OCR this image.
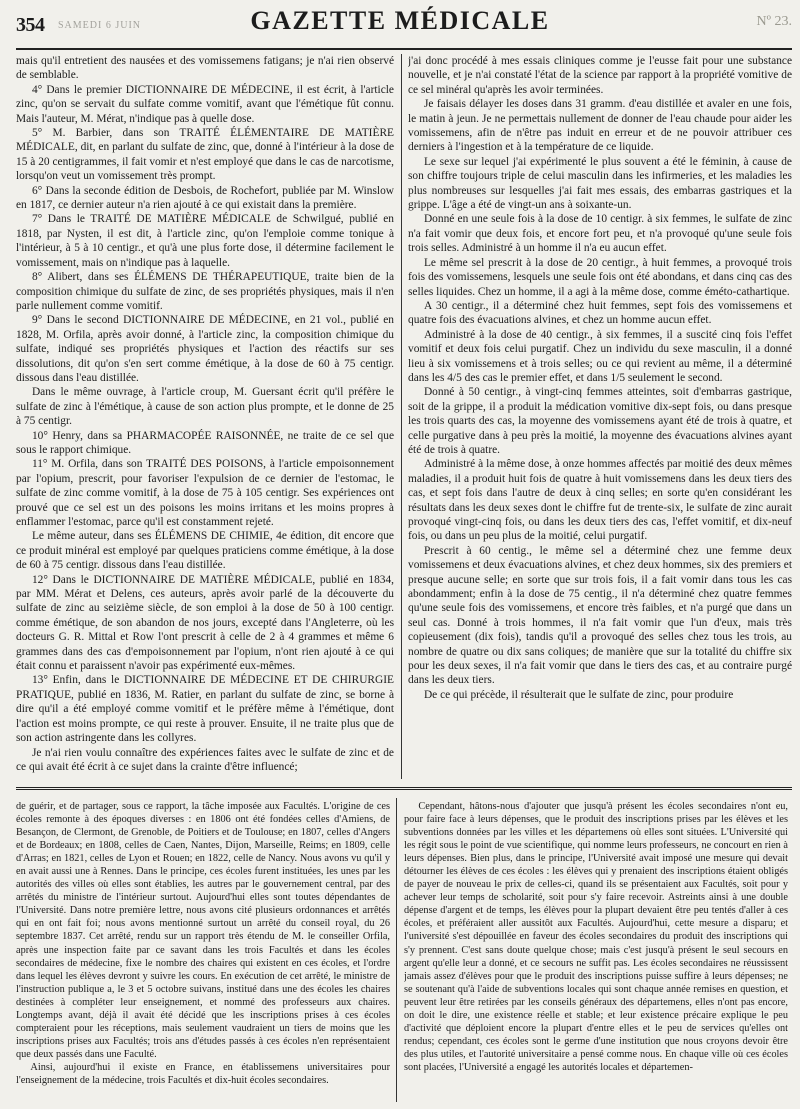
354 SAMEDI 6 JUIN	GAZETTE MÉDICALE	Nº 23.

mais qu'il entretient des nausées et des vomissemens fatigans; je n'ai rien observé de semblable.

4° Dans le premier DICTIONNAIRE DE MÉDECINE, il est écrit, à l'article zinc, qu'on se servait du sulfate comme vomitif, avant que l'émétique fût connu. Mais l'auteur, M. Mérat, n'indique pas à quelle dose.

5° M. Barbier, dans son TRAITÉ ÉLÉMENTAIRE DE MATIÈRE MÉDICALE, dit, en parlant du sulfate de zinc, que, donné à l'intérieur à la dose de 15 à 20 centigrammes, il fait vomir et n'est employé que dans le cas de narcotisme, lorsqu'on veut un vomissement très prompt.

6° Dans la seconde édition de Desbois, de Rochefort, publiée par M. Winslow en 1817, ce dernier auteur n'a rien ajouté à ce qui existait dans la première.

7° Dans le TRAITÉ DE MATIÈRE MÉDICALE de Schwilgué, publié en 1818, par Nysten, il est dit, à l'article zinc, qu'on l'emploie comme tonique à l'intérieur, à 5 à 10 centigr., et qu'à une plus forte dose, il détermine facilement le vomissement, mais on n'indique pas à laquelle.

8° Alibert, dans ses ÉLÉMENS DE THÉRAPEUTIQUE, traite bien de la composition chimique du sulfate de zinc, de ses propriétés physiques, mais il n'en parle nullement comme vomitif.

9° Dans le second DICTIONNAIRE DE MÉDECINE, en 21 vol., publié en 1828, M. Orfila, après avoir donné, à l'article zinc, la composition chimique du sulfate, indiqué ses propriétés physiques et l'action des réactifs sur ses dissolutions, dit qu'on s'en sert comme émétique, à la dose de 60 à 75 centigr. dissous dans l'eau distillée.

Dans le même ouvrage, à l'article croup, M. Guersant écrit qu'il préfère le sulfate de zinc à l'émétique, à cause de son action plus prompte, et le donne de 25 à 75 centigr.

10° Henry, dans sa PHARMACOPÉE RAISONNÉE, ne traite de ce sel que sous le rapport chimique.

11° M. Orfila, dans son TRAITÉ DES POISONS, à l'article empoisonnement par l'opium, prescrit, pour favoriser l'expulsion de ce dernier de l'estomac, le sulfate de zinc comme vomitif, à la dose de 75 à 105 centigr. Ses expériences ont prouvé que ce sel est un des poisons les moins irritans et les moins propres à enflammer l'estomac, parce qu'il est constamment rejeté.

Le même auteur, dans ses ÉLÉMENS DE CHIMIE, 4e édition, dit encore que ce produit minéral est employé par quelques praticiens comme émétique, à la dose de 60 à 75 centigr. dissous dans l'eau distillée.

12° Dans le DICTIONNAIRE DE MATIÈRE MÉDICALE, publié en 1834, par MM. Mérat et Delens, ces auteurs, après avoir parlé de la découverte du sulfate de zinc au seizième siècle, de son emploi à la dose de 50 à 100 centigr. comme émétique, de son abandon de nos jours, excepté dans l'Angleterre, où les docteurs G. R. Mittal et Row l'ont prescrit à celle de 2 à 4 grammes et même 6 grammes dans des cas d'empoisonnement par l'opium, n'ont rien ajouté à ce qui était connu et paraissent n'avoir pas expérimenté eux-mêmes.

13° Enfin, dans le DICTIONNAIRE DE MÉDECINE ET DE CHIRURGIE PRATIQUE, publié en 1836, M. Ratier, en parlant du sulfate de zinc, se borne à dire qu'il a été employé comme vomitif et le préfère même à l'émétique, dont l'action est moins prompte, ce qui reste à prouver. Ensuite, il ne traite plus que de son action astringente dans les collyres.

Je n'ai rien voulu connaître des expériences faites avec le sulfate de zinc et de ce qui avait été écrit à ce sujet dans la crainte d'être influencé;

j'ai donc procédé à mes essais cliniques comme je l'eusse fait pour une substance nouvelle, et je n'ai constaté l'état de la science par rapport à la propriété vomitive de ce sel minéral qu'après les avoir terminées.

Je faisais délayer les doses dans 31 gramm. d'eau distillée et avaler en une fois, le matin à jeun. Je ne permettais nullement de donner de l'eau chaude pour aider les vomissemens, afin de n'être pas induit en erreur et de ne pouvoir attribuer ces derniers à l'ingestion et à la température de ce liquide.

Le sexe sur lequel j'ai expérimenté le plus souvent a été le féminin, à cause de son chiffre toujours triple de celui masculin dans les infirmeries, et les maladies les plus nombreuses sur lesquelles j'ai fait mes essais, des embarras gastriques et la grippe. L'âge a été de vingt-un ans à soixante-un.

Donné en une seule fois à la dose de 10 centigr. à six femmes, le sulfate de zinc n'a fait vomir que deux fois, et encore fort peu, et n'a provoqué qu'une seule fois trois selles. Administré à un homme il n'a eu aucun effet.

Le même sel prescrit à la dose de 20 centigr., à huit femmes, a provoqué trois fois des vomissemens, lesquels une seule fois ont été abondans, et dans cinq cas des selles liquides. Chez un homme, il a agi à la même dose, comme éméto-cathartique.

A 30 centigr., il a déterminé chez huit femmes, sept fois des vomissemens et quatre fois des évacuations alvines, et chez un homme aucun effet.

Administré à la dose de 40 centigr., à six femmes, il a suscité cinq fois l'effet vomitif et deux fois celui purgatif. Chez un individu du sexe masculin, il a donné lieu à six vomissemens et à trois selles; ou ce qui revient au même, il a déterminé dans les 4/5 des cas le premier effet, et dans 1/5 seulement le second.

Donné à 50 centigr., à vingt-cinq femmes atteintes, soit d'embarras gastrique, soit de la grippe, il a produit la médication vomitive dix-sept fois, ou dans presque les trois quarts des cas, la moyenne des vomissemens ayant été de trois à quatre, et celle purgative dans à peu près la moitié, la moyenne des évacuations alvines ayant été de trois à quatre.

Administré à la même dose, à onze hommes affectés par moitié des deux mêmes maladies, il a produit huit fois de quatre à huit vomissemens dans les deux tiers des cas, et sept fois dans l'autre de deux à cinq selles; en sorte qu'en considérant les résultats dans les deux sexes dont le chiffre fut de trente-six, le sulfate de zinc aurait provoqué vingt-cinq fois, ou dans les deux tiers des cas, l'effet vomitif, et dix-neuf fois, ou dans un peu plus de la moitié, celui purgatif.

Prescrit à 60 centig., le même sel a déterminé chez une femme deux vomissemens et deux évacuations alvines, et chez deux hommes, six des premiers et presque aucune selle; en sorte que sur trois fois, il a fait vomir dans tous les cas abondamment; enfin à la dose de 75 centig., il n'a déterminé chez quatre femmes qu'une seule fois des vomissemens, et encore très faibles, et n'a purgé que dans un seul cas. Donné à trois hommes, il n'a fait vomir que l'un d'eux, mais très copieusement (dix fois), tandis qu'il a provoqué des selles chez tous les trois, au nombre de quatre ou dix sans coliques; de manière que sur la totalité du chiffre six pour les deux sexes, il n'a fait vomir que dans le tiers des cas, et au contraire purgé dans les deux tiers.

De ce qui précède, il résulterait que le sulfate de zinc, pour produire

de guérir, et de partager, sous ce rapport, la tâche imposée aux Facultés. L'origine de ces écoles remonte à des époques diverses : en 1806 ont été fondées celles d'Amiens, de Besançon, de Clermont, de Grenoble, de Poitiers et de Toulouse; en 1807, celles d'Angers et de Bordeaux; en 1808, celles de Caen, Nantes, Dijon, Marseille, Reims; en 1809, celle d'Arras; en 1821, celles de Lyon et Rouen; en 1822, celle de Nancy. Nous avons vu qu'il y en avait aussi une à Rennes. Dans le principe, ces écoles furent instituées, les unes par les autorités des villes où elles sont établies, les autres par le gouvernement central, par des arrêtés du ministre de l'intérieur surtout. Aujourd'hui elles sont toutes dépendantes de l'Université. Dans notre première lettre, nous avons cité plusieurs ordonnances et arrêtés qui en ont fait foi; nous avons mentionné surtout un arrêté du conseil royal, du 26 septembre 1837. Cet arrêté, rendu sur un rapport très étendu de M. le conseiller Orfila, après une inspection faite par ce savant dans les trois Facultés et dans les écoles secondaires de médecine, fixe le nombre des chaires qui existent en ces écoles, et l'ordre dans lequel les élèves devront y suivre les cours. En exécution de cet arrêté, le ministre de l'instruction publique a, le 3 et 5 octobre suivans, institué dans une des écoles les chaires destinées à compléter leur enseignement, et nommé des professeurs aux chaires. Longtemps avant, déjà il avait été décidé que les inscriptions prises à ces écoles compteraient pour les réceptions, mais seulement vaudraient un tiers de moins que les inscriptions prises aux Facultés; trois ans d'études passés à ces écoles n'en représentaient que deux passés dans une Faculté.

Ainsi, aujourd'hui il existe en France, en établissemens universitaires pour l'enseignement de la médecine, trois Facultés et dix-huit écoles secondaires.

Cependant, hâtons-nous d'ajouter que jusqu'à présent les écoles secondaires n'ont eu, pour faire face à leurs dépenses, que le produit des inscriptions prises par les élèves et les subventions données par les villes et les départemens où elles sont situées. L'Université qui les régit sous le point de vue scientifique, qui nomme leurs professeurs, ne concourt en rien à leurs dépenses. Bien plus, dans le principe, l'Université avait imposé une mesure qui devait détourner les élèves de ces écoles : les élèves qui y prenaient des inscriptions étaient obligés de payer de nouveau le prix de celles-ci, quand ils se présentaient aux Facultés, soit pour y achever leur temps de scholarité, soit pour s'y faire recevoir. Astreints ainsi à une double dépense d'argent et de temps, les élèves pour la plupart devaient être peu tentés d'aller à ces écoles, et préféraient aller aussitôt aux Facultés. Aujourd'hui, cette mesure a disparu; et l'université s'est dépouillée en faveur des écoles secondaires du produit des inscriptions qui s'y prennent. C'est sans doute quelque chose; mais c'est jusqu'à présent le seul secours en argent qu'elle leur a donné, et ce secours ne suffit pas. Les écoles secondaires ne réussissent jamais assez d'élèves pour que le produit des inscriptions puisse suffire à leurs dépenses; ne se soutenant qu'à l'aide de subventions locales qui sont chaque année remises en question, et peuvent leur être retirées par les conseils généraux des départemens, elles n'ont pas encore, on doit le dire, une existence réelle et stable; et leur existence précaire explique le peu d'activité que déploient encore la plupart d'entre elles et le peu de services qu'elles ont rendus; cependant, ces écoles sont le germe d'une institution que nous croyons devoir être des plus utiles, et l'autorité universitaire a pensé comme nous. En chaque ville où ces écoles sont placées, l'Université a engagé les autorités locales et départemen-
